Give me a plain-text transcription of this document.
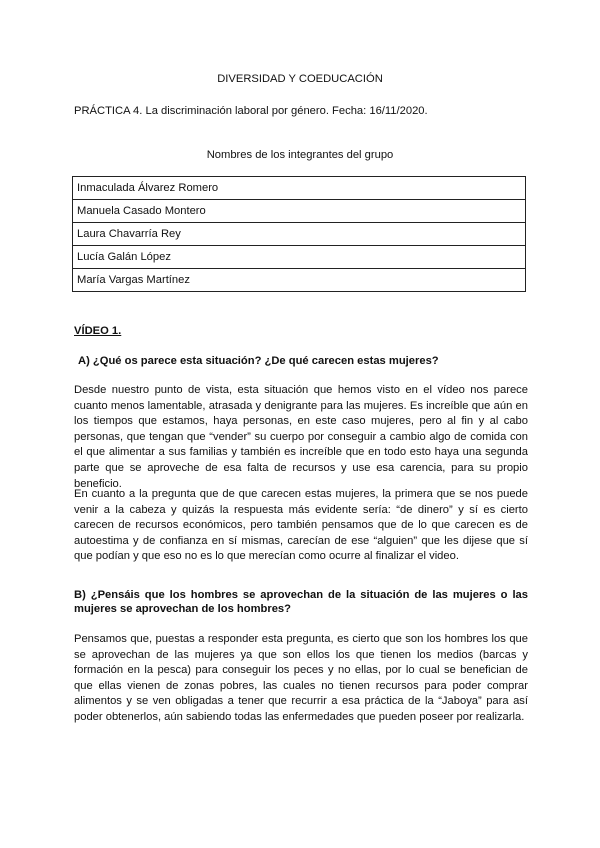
DIVERSIDAD Y COEDUCACIÓN
PRÁCTICA 4. La discriminación laboral por género. Fecha: 16/11/2020.
Nombres de los integrantes del grupo
Inmaculada Álvarez Romero
Manuela Casado Montero
Laura Chavarría Rey
Lucía Galán López
María Vargas Martínez
VÍDEO 1.
A) ¿Qué os parece esta situación? ¿De qué carecen estas mujeres?
Desde nuestro punto de vista, esta situación que hemos visto en el vídeo nos parece cuanto menos lamentable, atrasada y denigrante para las mujeres. Es increíble que aún en los tiempos que estamos, haya personas, en este caso mujeres, pero al fin y al cabo personas, que tengan que “vender” su cuerpo por conseguir a cambio algo de comida con el que alimentar a sus familias y también es increíble que en todo esto haya una segunda parte que se aproveche de esa falta de recursos y use esa carencia, para su propio beneficio.
En cuanto a la pregunta que de que carecen estas mujeres, la primera que se nos puede venir a la cabeza y quizás la respuesta más evidente sería: “de dinero” y sí es cierto carecen de recursos económicos, pero también pensamos que de lo que carecen es de autoestima y de confianza en sí mismas, carecían de ese “alguien” que les dijese que sí que podían y que eso no es lo que merecían como ocurre al finalizar el video.
B) ¿Pensáis que los hombres se aprovechan de la situación de las mujeres o las mujeres se aprovechan de los hombres?
Pensamos que, puestas a responder esta pregunta, es cierto que son los hombres los que se aprovechan de las mujeres ya que son ellos los que tienen los medios (barcas y formación en la pesca) para conseguir los peces y no ellas, por lo cual se benefician de que ellas vienen de zonas pobres, las cuales no tienen recursos para poder comprar alimentos y se ven obligadas a tener que recurrir a esa práctica de la “Jaboya” para así poder obtenerlos, aún sabiendo todas las enfermedades que pueden poseer por realizarla.
